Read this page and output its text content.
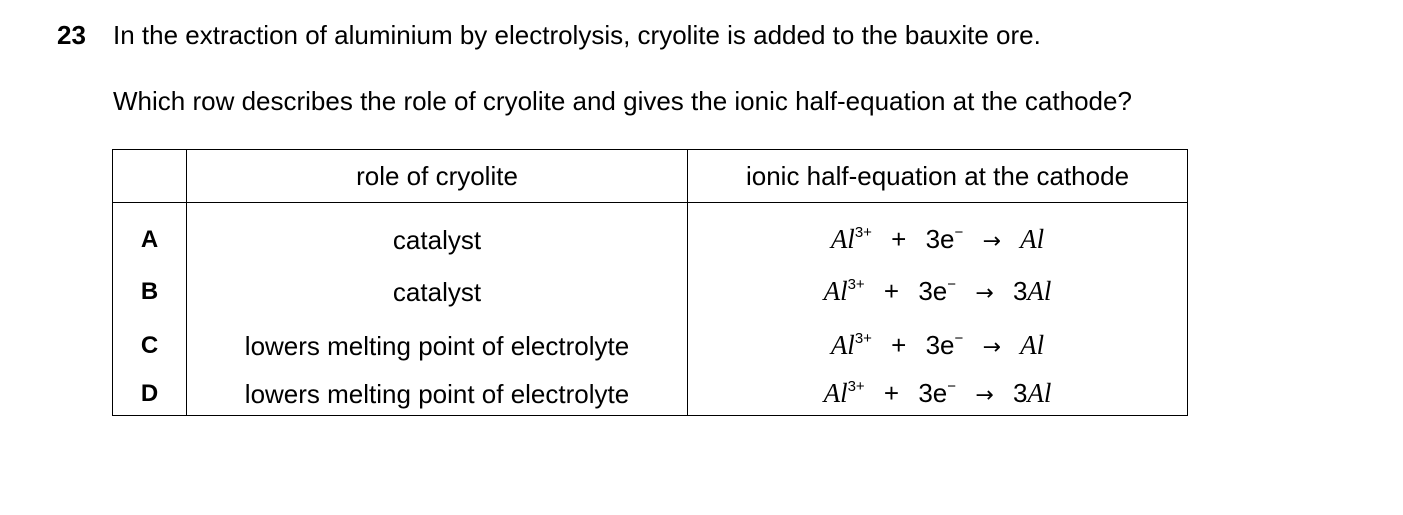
23 In the extraction of aluminium by electrolysis, cryolite is added to the bauxite ore.
Which row describes the role of cryolite and gives the ionic half-equation at the cathode?
	role of cryolite	ionic half-equation at the cathode
A	catalyst	$Al^{3+} + 3e^- \to Al$
B	catalyst	$Al^{3+} + 3e^- \to 3Al$
C	lowers melting point of electrolyte	$Al^{3+} + 3e^- \to Al$
D	lowers melting point of electrolyte	$Al^{3+} + 3e^- \to 3Al$
